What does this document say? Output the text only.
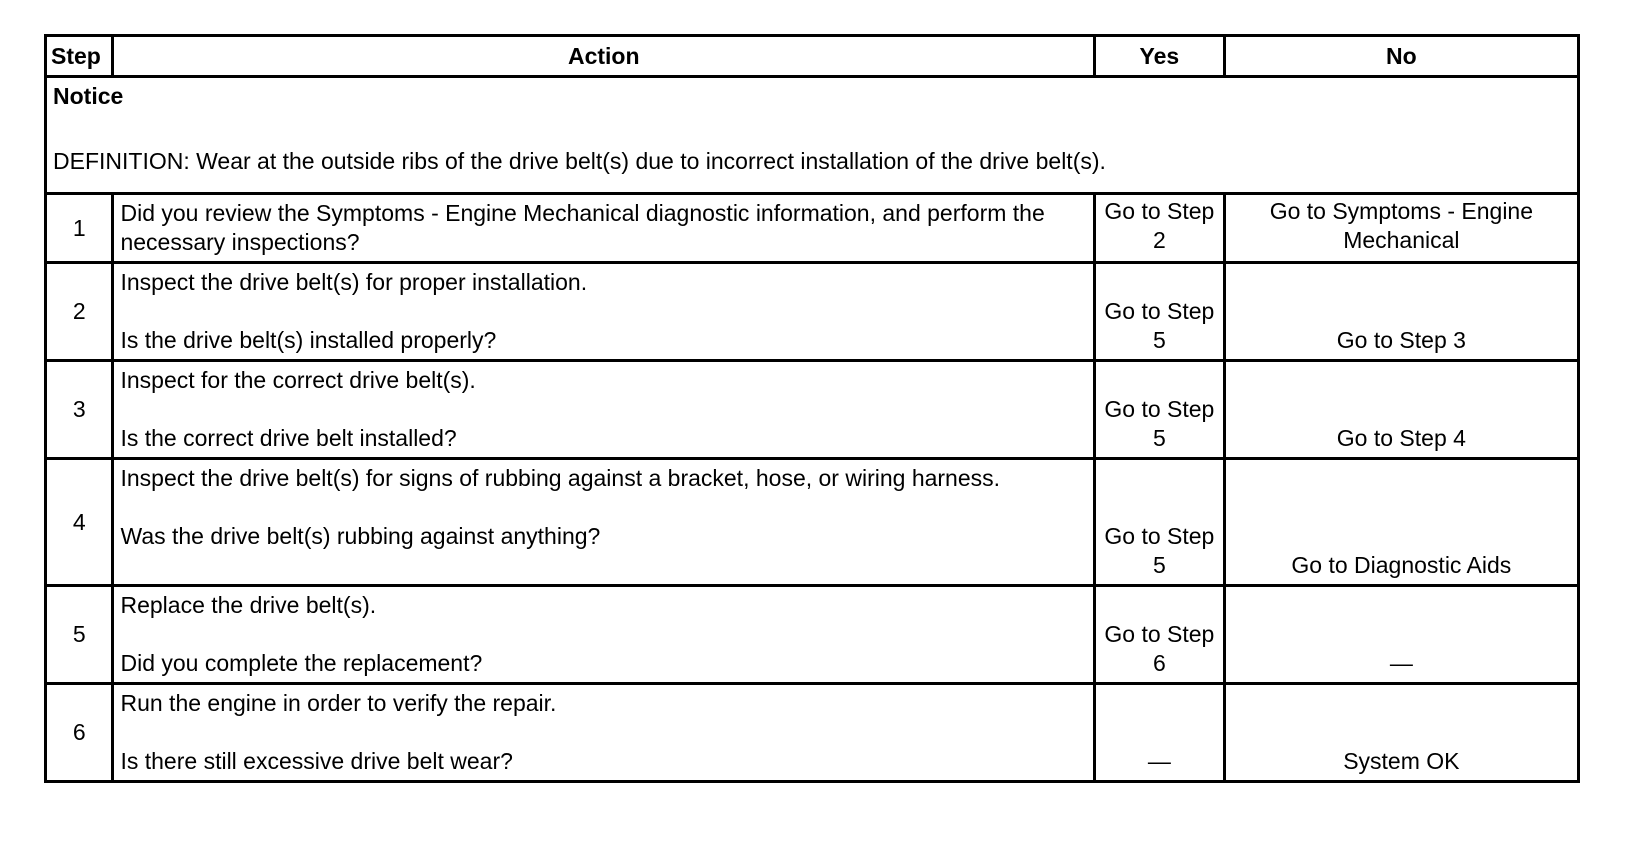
Step	Action	Yes	No

Notice
DEFINITION: Wear at the outside ribs of the drive belt(s) due to incorrect installation of the drive belt(s).			
1	Did you review the Symptoms - Engine Mechanical diagnostic information, and perform the necessary inspections?	Go to Step 2	Go to Symptoms - Engine Mechanical
2	Inspect the drive belt(s) for proper installation.
Is the drive belt(s) installed properly?	Go to Step 5	Go to Step 3
3	Inspect for the correct drive belt(s).
Is the correct drive belt installed?	Go to Step 5	Go to Step 4
4	Inspect the drive belt(s) for signs of rubbing against a bracket, hose, or wiring harness.
Was the drive belt(s) rubbing against anything?	Go to Step 5	Go to Diagnostic Aids
5	Replace the drive belt(s).
Did you complete the replacement?	Go to Step 6	—
6	Run the engine in order to verify the repair.
Is there still excessive drive belt wear?	—	System OK
